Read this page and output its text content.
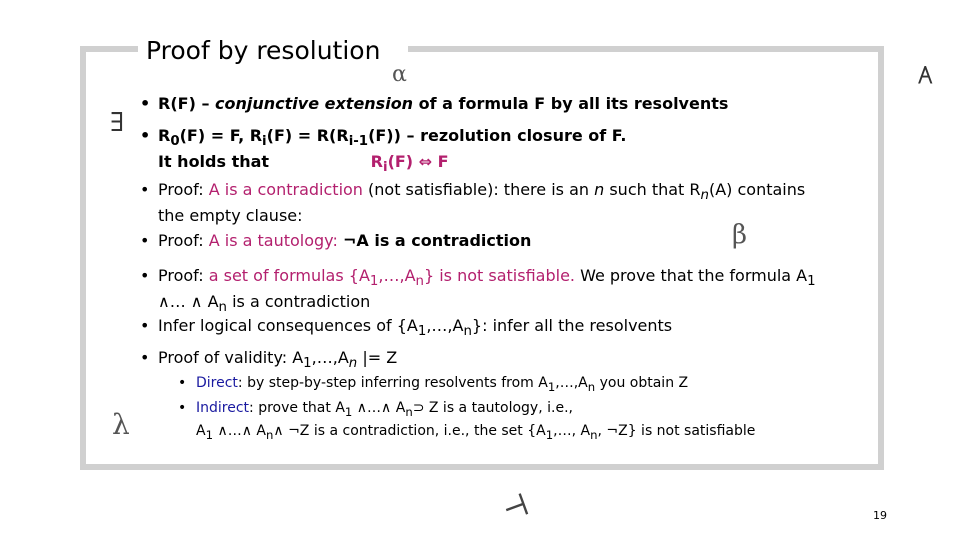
Proof by resolution
α	∀
∃
β
λ
⊢
• R(F) – conjunctive extension of a formula F by all its resolvents
• $R_0(F) = F$, $R_i(F) = R(R_{i-1}(F))$ – rezolution closure of F.
It holds that	$R_i(F)$ ⇔ F
• Proof: A is a contradiction (not satisfiable): there is an n such that $R_n(A)$ contains
the empty clause:
• Proof: A is a tautology: ¬A is a contradiction
• Proof: a set of formulas $\{A_1,\dots,A_n\}$ is not satisfiable. We prove that the formula $A_1$
∧… ∧ $A_n$ is a contradiction
• Infer logical consequences of $\{A_1,\dots,A_n\}$: infer all the resolvents
• Proof of validity: $A_1,\dots,A_n$ |= Z
• Direct: by step-by-step inferring resolvents from $A_1,\dots,A_n$ you obtain Z
• Indirect: prove that $A_1$ ∧…∧ $A_n⊃$ Z is a tautology, i.e.,
$A_1$ ∧…∧ $A_n\wedge$ ¬Z is a contradiction, i.e., the set {$A_1,\dots$, $A_n$, ¬Z} is not satisfiable
19
